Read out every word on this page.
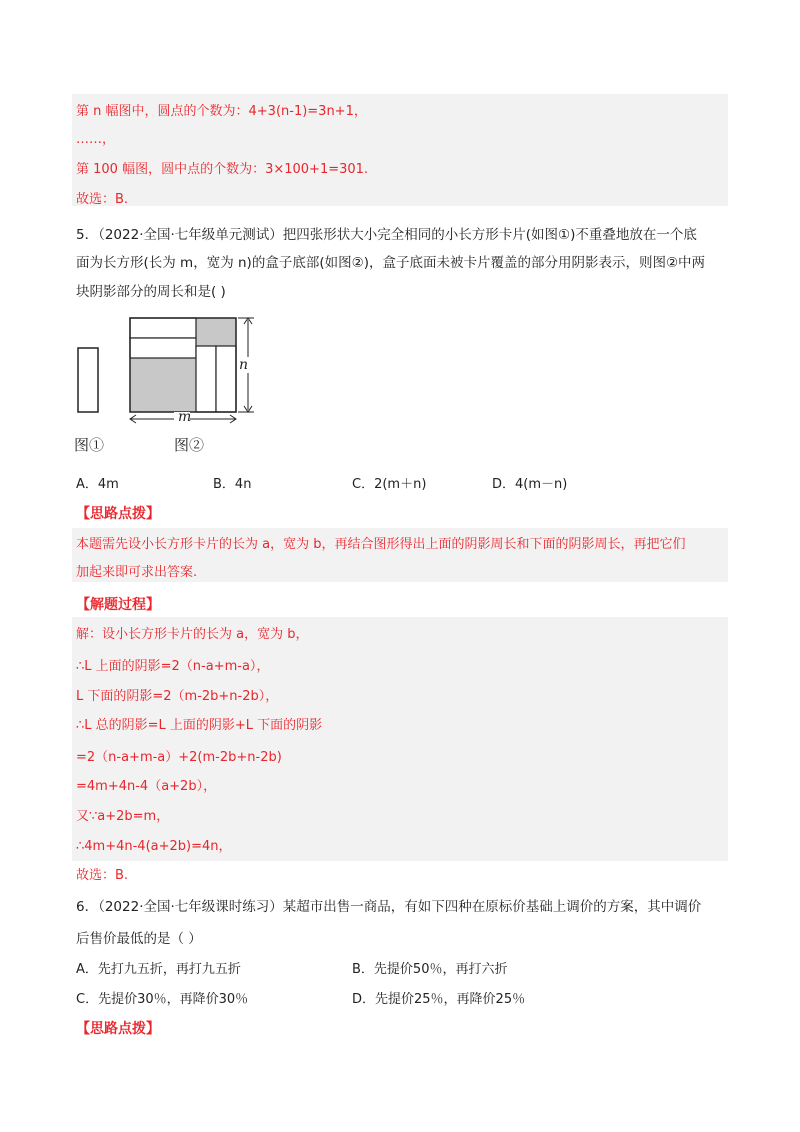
第 n 幅图中，圆点的个数为：4+3(n-1)=3n+1，
……，
第 100 幅图，圆中点的个数为：3×100+1=301.
故选：B.
5．（2022·全国·七年级单元测试）把四张形状大小完全相同的小长方形卡片(如图①)不重叠地放在一个底
面为长方形(长为 m，宽为 n)的盒子底部(如图②)，盒子底面未被卡片覆盖的部分用阴影表示，则图②中两
块阴影部分的周长和是( )
n
m
图①	图②
A．4m	B．4n	C．2(m＋n)	D．4(m－n)
【思路点拨】
本题需先设小长方形卡片的长为 a，宽为 b，再结合图形得出上面的阴影周长和下面的阴影周长，再把它们
加起来即可求出答案.
【解题过程】
解：设小长方形卡片的长为 a，宽为 b，
∴L 上面的阴影=2（n-a+m-a），
L 下面的阴影=2（m-2b+n-2b），
∴L 总的阴影=L 上面的阴影+L 下面的阴影
=2（n-a+m-a）+2(m-2b+n-2b)
=4m+4n-4（a+2b），
又∵a+2b=m，
∴4m+4n-4(a+2b)=4n，
故选：B.
6．（2022·全国·七年级课时练习）某超市出售一商品，有如下四种在原标价基础上调价的方案，其中调价
后售价最低的是（ ）
A．先打九五折，再打九五折	B．先提价50％，再打六折
C．先提价30％，再降价30％	D．先提价25％，再降价25％
【思路点拨】
